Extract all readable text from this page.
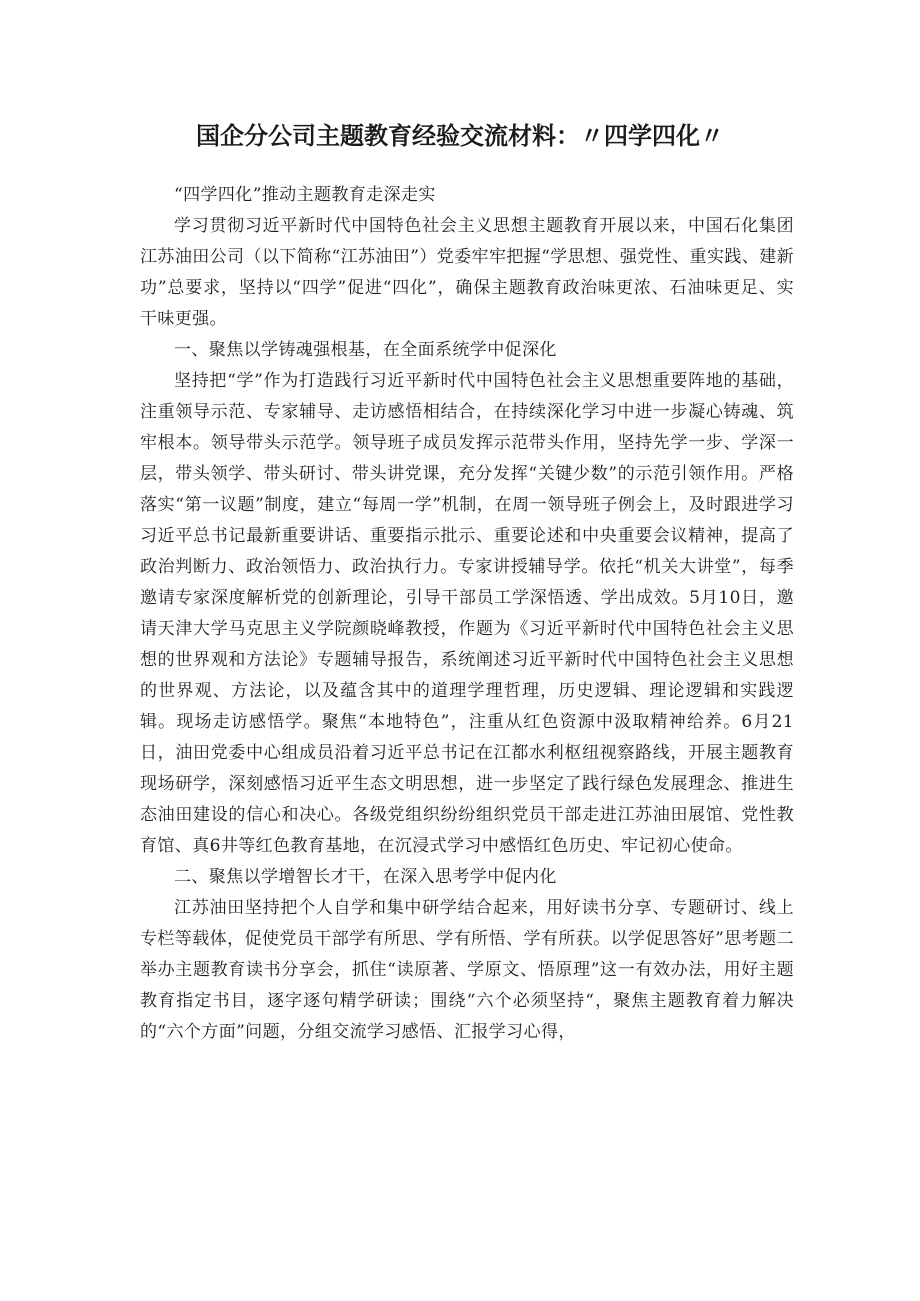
国企分公司主题教育经验交流材料：〃四学四化〃

“四学四化”推动主题教育走深走实

学习贯彻习近平新时代中国特色社会主义思想主题教育开展以来，中国石化集团江苏油田公司（以下简称“江苏油田”）党委牢牢把握“学思想、强党性、重实践、建新功”总要求，坚持以“四学”促进“四化”，确保主题教育政治味更浓、石油味更足、实干味更强。

一、聚焦以学铸魂强根基，在全面系统学中促深化

坚持把“学”作为打造践行习近平新时代中国特色社会主义思想重要阵地的基础，注重领导示范、专家辅导、走访感悟相结合，在持续深化学习中进一步凝心铸魂、筑牢根本。领导带头示范学。领导班子成员发挥示范带头作用，坚持先学一步、学深一层，带头领学、带头研讨、带头讲党课，充分发挥“关键少数”的示范引领作用。严格落实“第一议题”制度，建立“每周一学”机制，在周一领导班子例会上，及时跟进学习习近平总书记最新重要讲话、重要指示批示、重要论述和中央重要会议精神，提高了政治判断力、政治领悟力、政治执行力。专家讲授辅导学。依托“机关大讲堂”，每季邀请专家深度解析党的创新理论，引导干部员工学深悟透、学出成效。5月10日，邀请天津大学马克思主义学院颜晓峰教授，作题为《习近平新时代中国特色社会主义思想的世界观和方法论》专题辅导报告，系统阐述习近平新时代中国特色社会主义思想的世界观、方法论，以及蕴含其中的道理学理哲理，历史逻辑、理论逻辑和实践逻辑。现场走访感悟学。聚焦“本地特色”，注重从红色资源中汲取精神给养。6月21日，油田党委中心组成员沿着习近平总书记在江都水利枢纽视察路线，开展主题教育现场研学，深刻感悟习近平生态文明思想，进一步坚定了践行绿色发展理念、推进生态油田建设的信心和决心。各级党组织纷纷组织党员干部走进江苏油田展馆、党性教育馆、真6井等红色教育基地，在沉浸式学习中感悟红色历史、牢记初心使命。

二、聚焦以学增智长才干，在深入思考学中促内化

江苏油田坚持把个人自学和集中研学结合起来，用好读书分享、专题研讨、线上专栏等载体，促使党员干部学有所思、学有所悟、学有所获。以学促思答好”思考题二举办主题教育读书分享会，抓住“读原著、学原文、悟原理”这一有效办法，用好主题教育指定书目，逐字逐句精学研读；围绕“六个必须坚持“，聚焦主题教育着力解决的“六个方面”问题，分组交流学习感悟、汇报学习心得，
